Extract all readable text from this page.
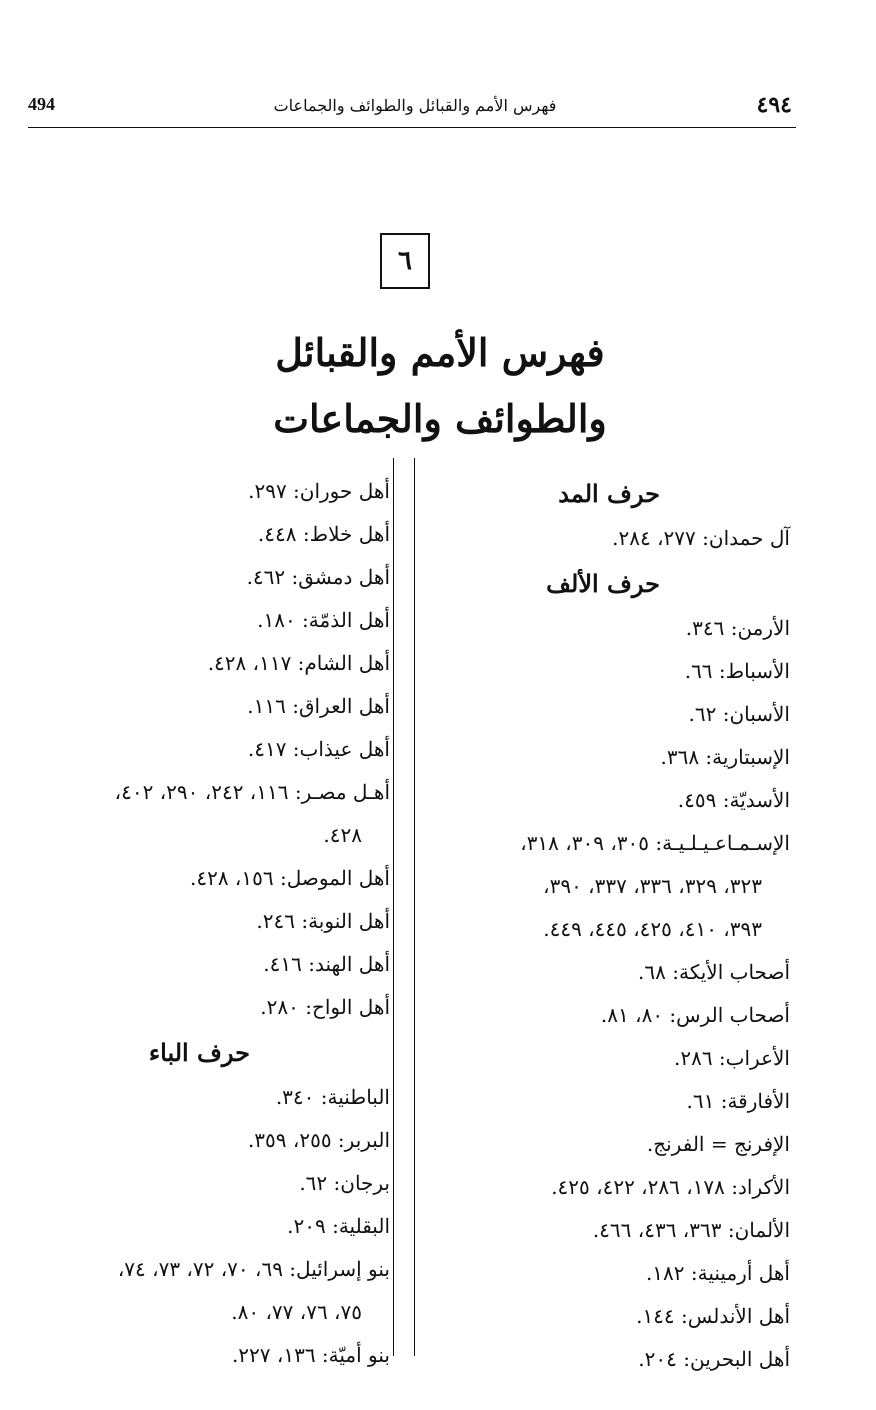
494	فهرس الأمم والقبائل والطوائف والجماعات	٤٩٤
٦
فهرس الأمم والقبائل
والطوائف والجماعات
حرف المد
آل حمدان: ٢٧٧، ٢٨٤.
حرف الألف
الأرمن: ٣٤٦.
الأسباط: ٦٦.
الأسبان: ٦٢.
الإسبتارية: ٣٦٨.
الأسديّة: ٤٥٩.
الإسـمـاعـيـلـيـة: ٣٠٥، ٣٠٩، ٣١٨،
٣٢٣، ٣٢٩، ٣٣٦، ٣٣٧، ٣٩٠،
٣٩٣، ٤١٠، ٤٢٥، ٤٤٥، ٤٤٩.
أصحاب الأيكة: ٦٨.
أصحاب الرس: ٨٠، ٨١.
الأعراب: ٢٨٦.
الأفارقة: ٦١.
الإفرنج = الفرنج.
الأكراد: ١٧٨، ٢٨٦، ٤٢٢، ٤٢٥.
الألمان: ٣٦٣، ٤٣٦، ٤٦٦.
أهل أرمينية: ١٨٢.
أهل الأندلس: ١٤٤.
أهل البحرين: ٢٠٤.
أهل حوران: ٢٩٧.
أهل خلاط: ٤٤٨.
أهل دمشق: ٤٦٢.
أهل الذمّة: ١٨٠.
أهل الشام: ١١٧، ٤٢٨.
أهل العراق: ١١٦.
أهل عيذاب: ٤١٧.
أهـل مصـر: ١١٦، ٢٤٢، ٢٩٠، ٤٠٢،
٤٢٨.
أهل الموصل: ١٥٦، ٤٢٨.
أهل النوبة: ٢٤٦.
أهل الهند: ٤١٦.
أهل الواح: ٢٨٠.
حرف الباء
الباطنية: ٣٤٠.
البربر: ٢٥٥، ٣٥٩.
برجان: ٦٢.
البقلية: ٢٠٩.
بنو إسرائيل: ٦٩، ٧٠، ٧٢، ٧٣، ٧٤،
٧٥، ٧٦، ٧٧، ٨٠.
بنو أميّة: ١٣٦، ٢٢٧.
